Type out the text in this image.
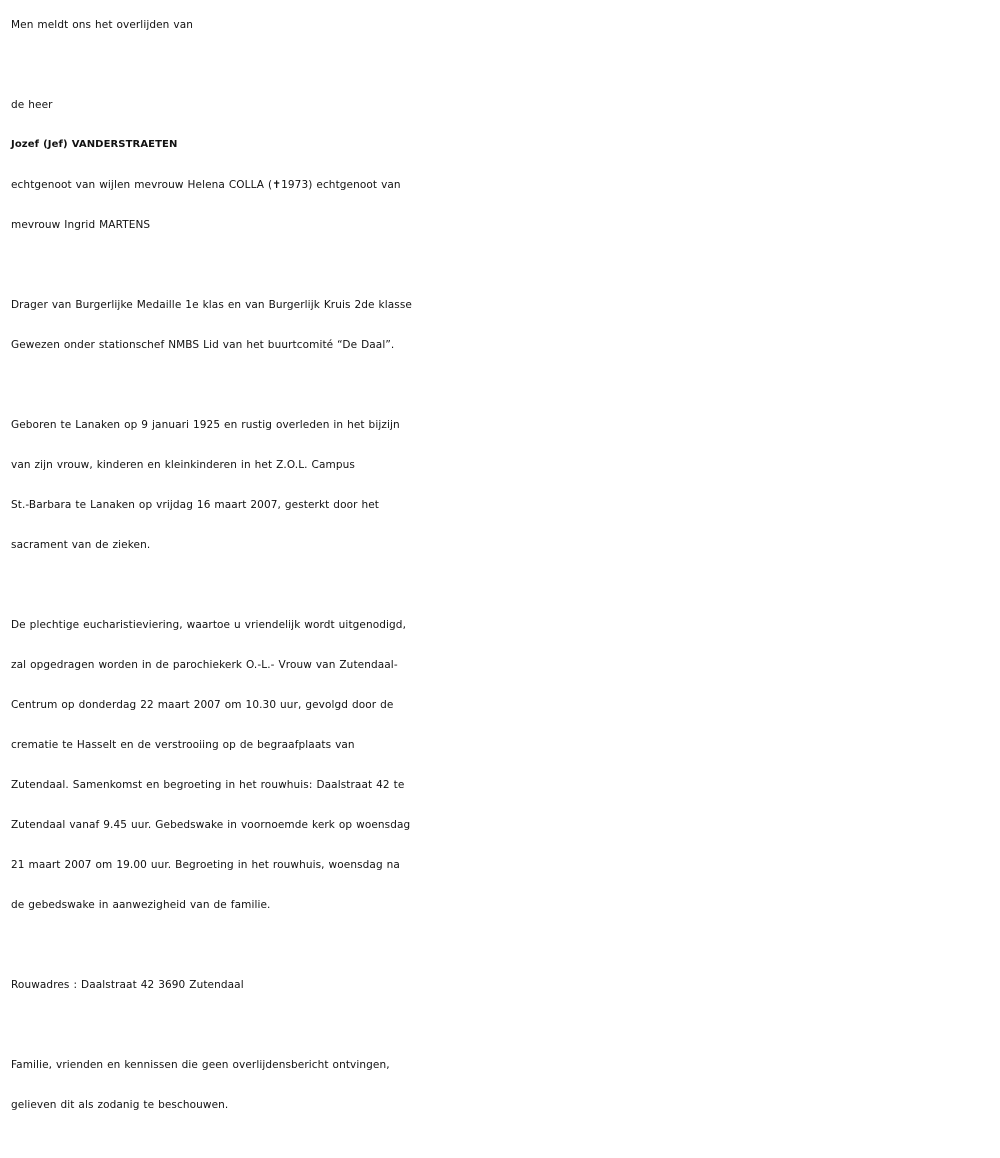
Men meldt ons het overlijden van
de heer
Jozef (Jef) VANDERSTRAETEN
echtgenoot van wijlen mevrouw Helena COLLA (✝1973) echtgenoot van
mevrouw Ingrid MARTENS
Drager van Burgerlijke Medaille 1e klas en van Burgerlijk Kruis 2de klasse
Gewezen onder stationschef NMBS Lid van het buurtcomité “De Daal”.
Geboren te Lanaken op 9 januari 1925 en rustig overleden in het bijzijn
van zijn vrouw, kinderen en kleinkinderen in het Z.O.L. Campus
St.-Barbara te Lanaken op vrijdag 16 maart 2007, gesterkt door het
sacrament van de zieken.
De plechtige eucharistieviering, waartoe u vriendelijk wordt uitgenodigd,
zal opgedragen worden in de parochiekerk O.-L.- Vrouw van Zutendaal-
Centrum op donderdag 22 maart 2007 om 10.30 uur, gevolgd door de
crematie te Hasselt en de verstrooiing op de begraafplaats van
Zutendaal. Samenkomst en begroeting in het rouwhuis: Daalstraat 42 te
Zutendaal vanaf 9.45 uur. Gebedswake in voornoemde kerk op woensdag
21 maart 2007 om 19.00 uur. Begroeting in het rouwhuis, woensdag na
de gebedswake in aanwezigheid van de familie.
Rouwadres : Daalstraat 42 3690 Zutendaal
Familie, vrienden en kennissen die geen overlijdensbericht ontvingen,
gelieven dit als zodanig te beschouwen.
